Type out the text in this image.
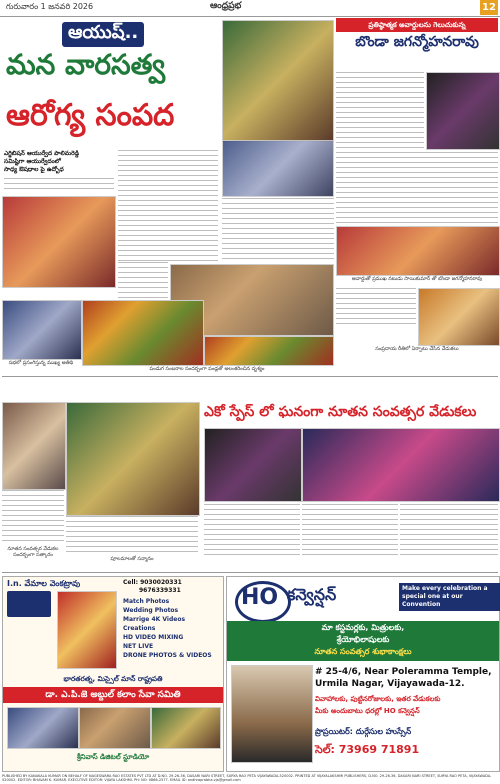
గురువారం 1 జనవరి 2026	ఆంధ్రప్రభ	12
ఆయుష్..
మన వారసత్వ
ఆరోగ్య సంపద
ఎగ్జిబిషన్ ఆయుర్వేద పాలిమరెడ్డి
సమిష్టిగా ఆయుర్వేదంలో
సాధ్య ఔషధాల పై ఉద్బోధ
ప్రతిష్ఠాత్మక అవార్డులను గెలుచుకున్న
బొండా జగన్మోహనరావు
అవార్డుతో ప్రముఖ నటుడు సాయికుమార్ తో బొండా జగన్మోహనరావు
సభలో ప్రసంగిస్తున్న ముఖ్య అతిథి
పండుగ సంబరాల సందర్భంగా పండ్లతో అలంకరించిన దృశ్యం
సంప్రదాయ రీతిలో ఏర్పాటు చేసిన వేడుకలు
నూతన సంవత్సర వేడుకల సందర్భంగా సత్కారం
పూలమాలతో సన్మానం
ఎకో స్పేస్ లో ఘనంగా నూతన సంవత్సర వేడుకలు
I.n. వేమాల వెంకట్రావు	Cell: 9030020331
9676339331
Match Photos
Wedding Photos
Marrige 4K Videos
Creations
HD VIDEO MIXING
NET LIVE
DRONE PHOTOS & VIDEOS
భారతరత్న, మిస్సైల్ మాన్ రాష్ట్రపతి
డా. ఎ.పి.జె అబ్దుల్ కలాం సేవా సమితి
శ్రీనివాస్ డిజిటల్ స్టూడియో
HO కన్వెన్షన్	Make every celebration a special one at our Convention
మా కస్టమర్లకు, మిత్రులకు,
శ్రేయోభిలాషులకు
నూతన సంవత్సర శుభాకాంక్షలు
# 25-4/6, Near Poleramma Temple,
Urmila Nagar, Vijayawada-12.
వివాహాలకు, పుట్టినరోజులకు, ఇతర వేడుకలకు
మీకు అందుబాటు ధరల్లో HO కన్వెన్షన్
ప్రొప్రయిటర్: దుర్గేసుల హుస్సేన్
సెల్: 73969 71891
PUBLISHED BY KANAKALA KUMAR ON BEHALF OF NAGESWARA RAO ESTATES PVT LTD AT D.NO. 29-26-36, DASARI NARI STREET, SURYA RAO PETA VIJAYAWADA-520002. PRINTED AT VIJAYALAKSHMI PUBLISHERS, D.NO. 29-26-36, DASARI NARI STREET, SURYA RAO PETA, VIJAYAWADA-520002. EDITOR: BHAVAM K. KUMAR. EXECUTIVE EDITOR: VIJAYA LAKSHMI. PH: NO: 0866-2577. EMAIL ID: andhraprabha.vja@gmail.com
